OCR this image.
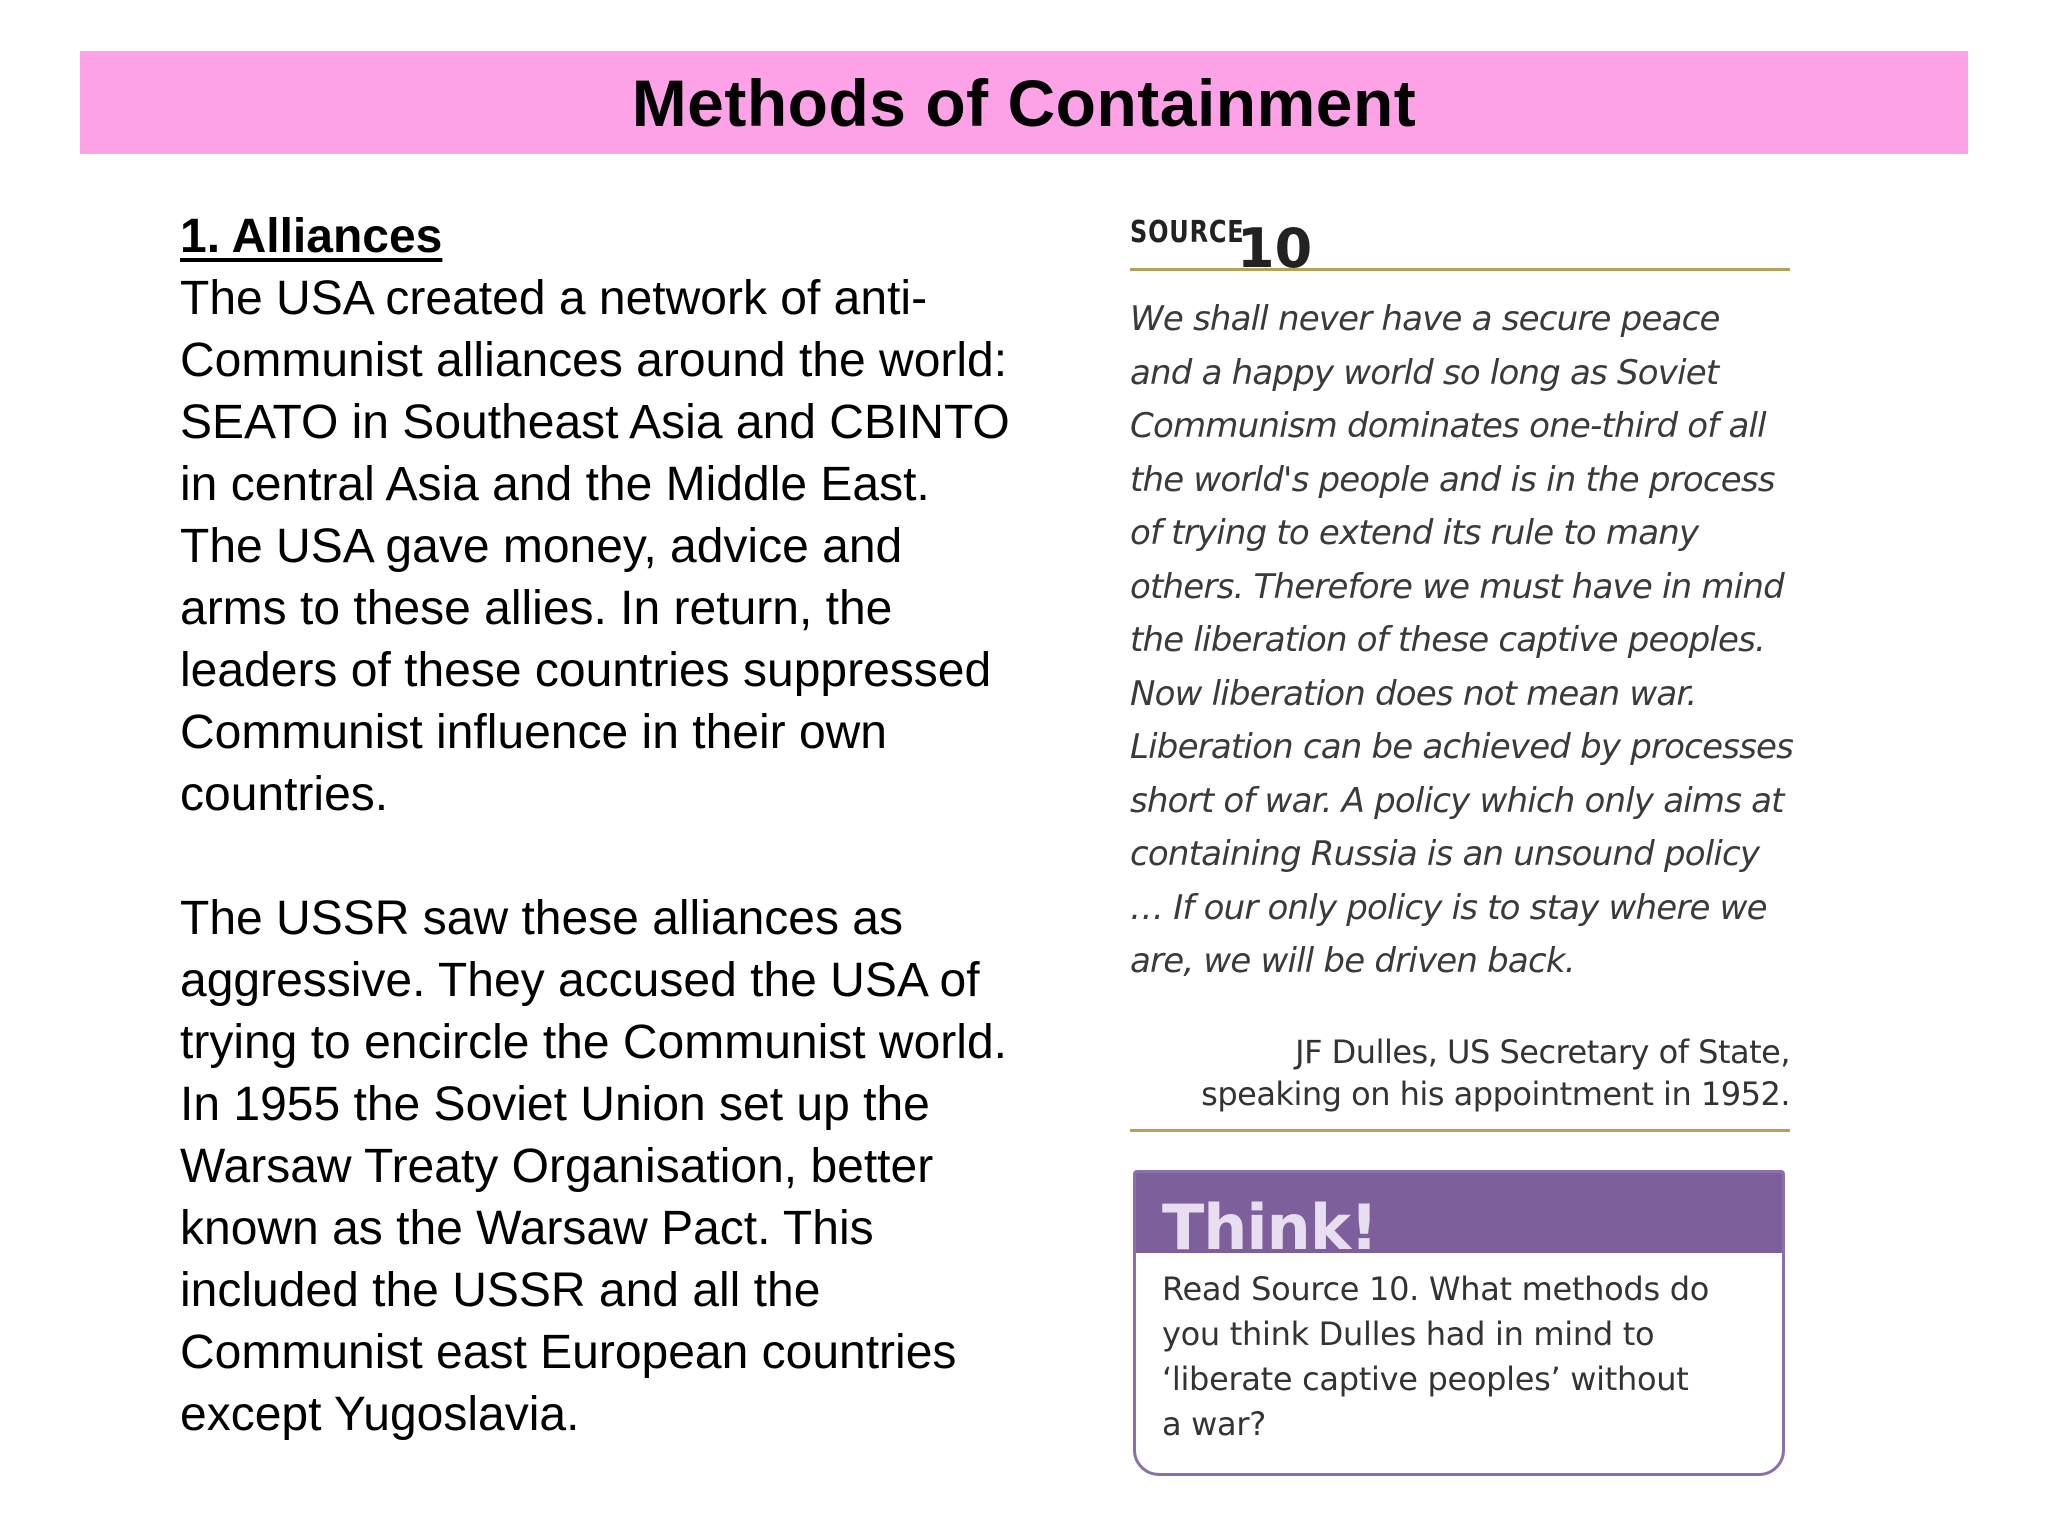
Methods of Containment
1. Alliances

The USA created a network of anti-Communist alliances around the world: SEATO in Southeast Asia and CBINTO in central Asia and the Middle East. The USA gave money, advice and arms to these allies. In return, the leaders of these countries suppressed Communist influence in their own countries.

The USSR saw these alliances as aggressive. They accused the USA of trying to encircle the Communist world. In 1955 the Soviet Union set up the Warsaw Treaty Organisation, better known as the Warsaw Pact. This included the USSR and all the Communist east European countries except Yugoslavia.

SOURCE
10
We shall never have a secure peace
and a happy world so long as Soviet
Communism dominates one-third of all
the world's people and is in the process
of trying to extend its rule to many
others. Therefore we must have in mind
the liberation of these captive peoples.
Now liberation does not mean war.
Liberation can be achieved by processes
short of war. A policy which only aims at
containing Russia is an unsound policy
… If our only policy is to stay where we
are, we will be driven back.
JF Dulles, US Secretary of State,
speaking on his appointment in 1952.
Think!
Read Source 10. What methods do
you think Dulles had in mind to
‘liberate captive peoples’ without
a war?
